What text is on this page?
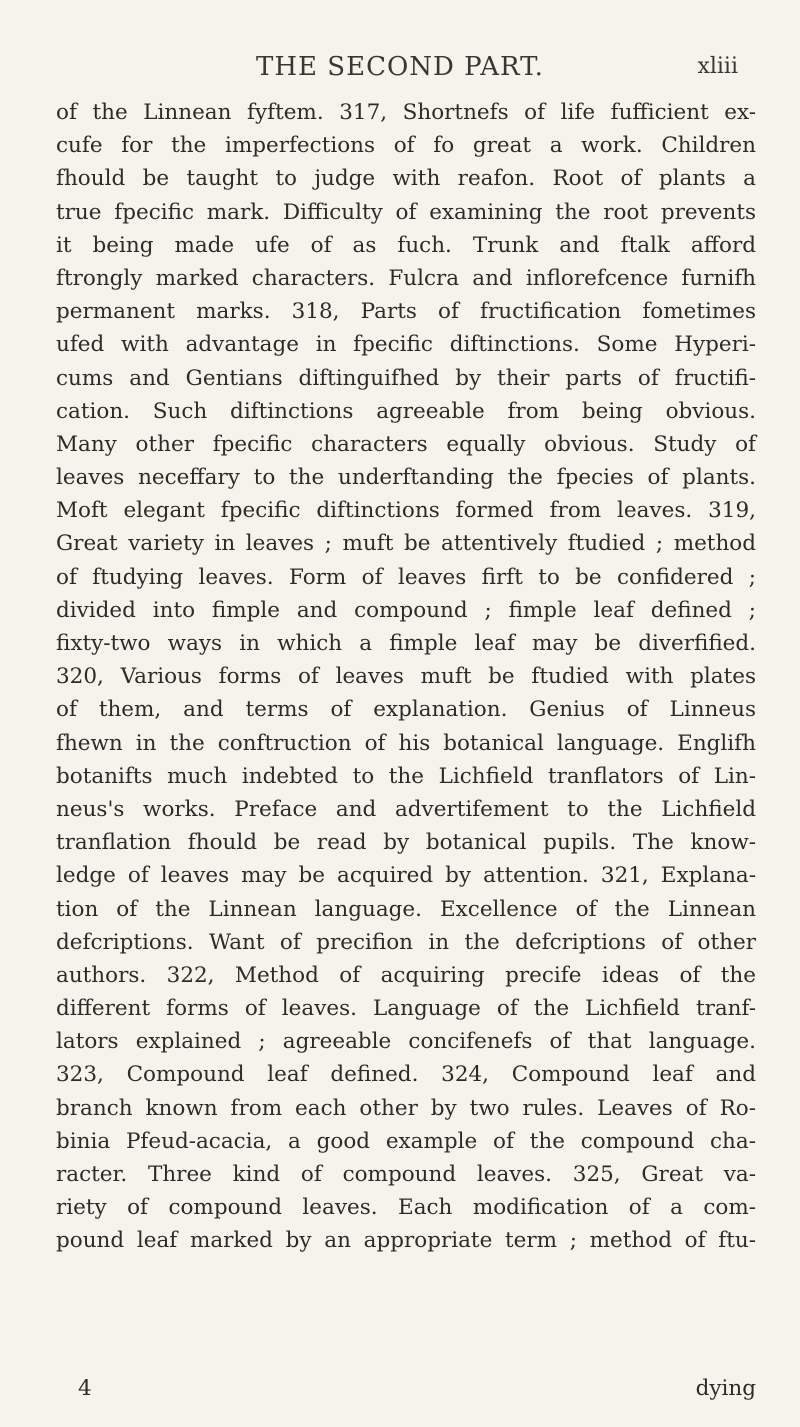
THE SECOND PART.	xliii
of the Linnean fyftem. 317, Shortnefs of life fufficient ex-
cufe for the imperfections of fo great a work. Children
fhould be taught to judge with reafon. Root of plants a
true fpecific mark. Difficulty of examining the root prevents
it being made ufe of as fuch. Trunk and ftalk afford
ftrongly marked characters. Fulcra and inflorefcence furnifh
permanent marks. 318, Parts of fructification fometimes
ufed with advantage in fpecific diftinctions. Some Hyperi-
cums and Gentians diftinguifhed by their parts of fructifi-
cation. Such diftinctions agreeable from being obvious.
Many other fpecific characters equally obvious. Study of
leaves neceffary to the underftanding the fpecies of plants.
Moft elegant fpecific diftinctions formed from leaves. 319,
Great variety in leaves ; muft be attentively ftudied ; method
of ftudying leaves. Form of leaves firft to be confidered ;
divided into fimple and compound ; fimple leaf defined ;
fixty-two ways in which a fimple leaf may be diverfified.
320, Various forms of leaves muft be ftudied with plates
of them, and terms of explanation. Genius of Linneus
fhewn in the conftruction of his botanical language. Englifh
botanifts much indebted to the Lichfield tranflators of Lin-
neus's works. Preface and advertifement to the Lichfield
tranflation fhould be read by botanical pupils. The know-
ledge of leaves may be acquired by attention. 321, Explana-
tion of the Linnean language. Excellence of the Linnean
defcriptions. Want of precifion in the defcriptions of other
authors. 322, Method of acquiring precife ideas of the
different forms of leaves. Language of the Lichfield tranf-
lators explained ; agreeable concifenefs of that language.
323, Compound leaf defined. 324, Compound leaf and
branch known from each other by two rules. Leaves of Ro-
binia Pfeud-acacia, a good example of the compound cha-
racter. Three kind of compound leaves. 325, Great va-
riety of compound leaves. Each modification of a com-
pound leaf marked by an appropriate term ; method of ftu-
4	dying
